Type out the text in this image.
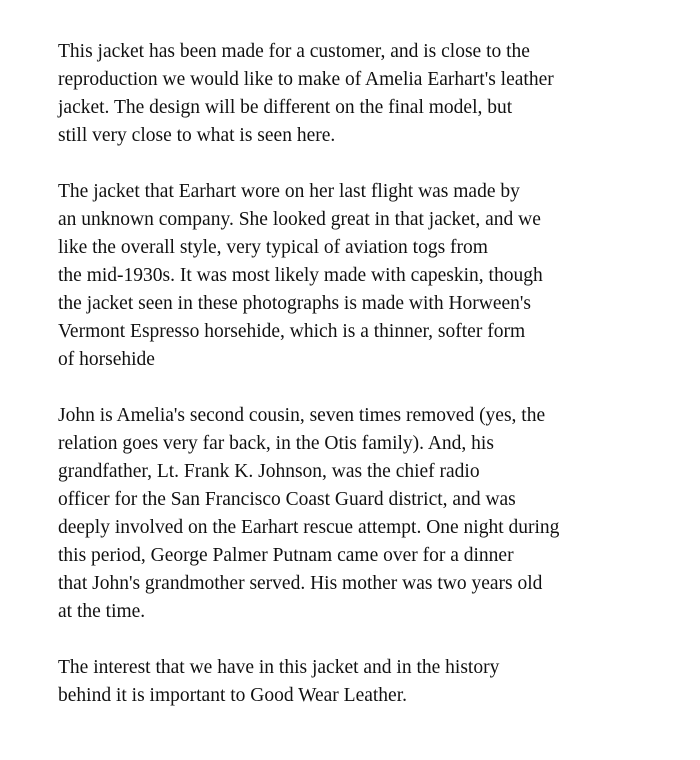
This jacket has been made for a customer, and is close to the
reproduction we would like to make of Amelia Earhart's leather
jacket. The design will be different on the final model, but
still very close to what is seen here.

The jacket that Earhart wore on her last flight was made by
an unknown company. She looked great in that jacket, and we
like the overall style, very typical of aviation togs from
the mid-1930s. It was most likely made with capeskin, though
the jacket seen in these photographs is made with Horween's
Vermont Espresso horsehide, which is a thinner, softer form
of horsehide

John is Amelia's second cousin, seven times removed (yes, the
relation goes very far back, in the Otis family). And, his
grandfather, Lt. Frank K. Johnson, was the chief radio
officer for the San Francisco Coast Guard district, and was
deeply involved on the Earhart rescue attempt. One night during
this period, George Palmer Putnam came over for a dinner
that John's grandmother served. His mother was two years old
at the time.

The interest that we have in this jacket and in the history
behind it is important to Good Wear Leather.
